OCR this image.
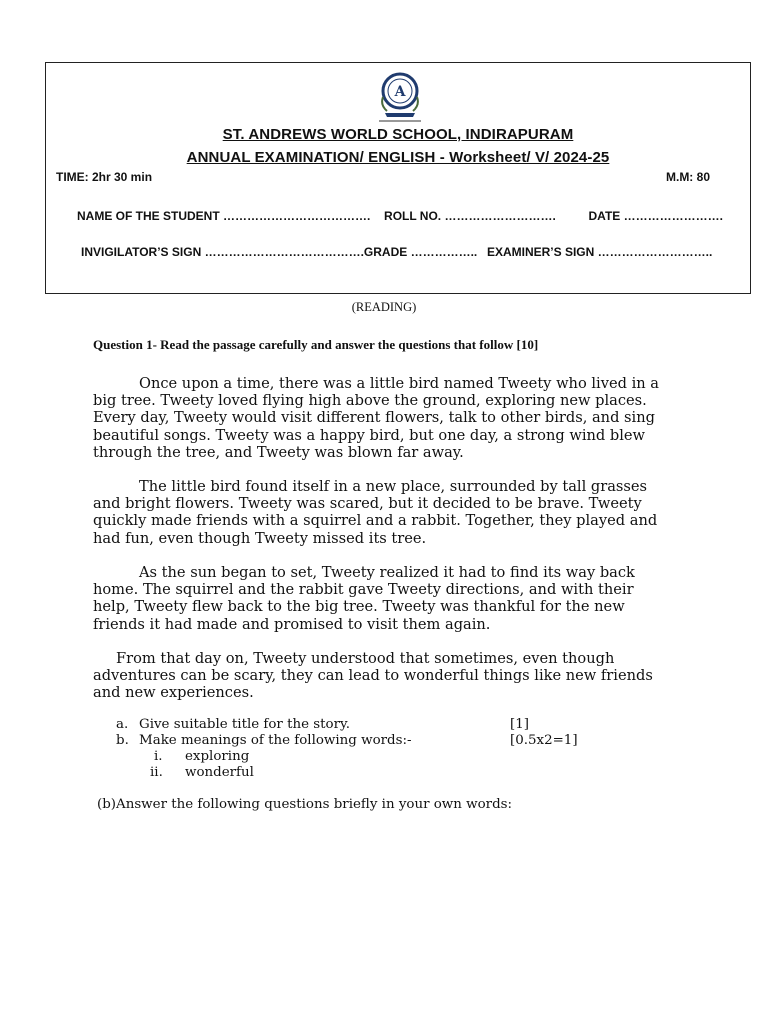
A
ST. ANDREWS WORLD SCHOOL, INDIRAPURAM
ANNUAL EXAMINATION/ ENGLISH - Worksheet/ V/ 2024-25
TIME: 2hr 30 min	M.M: 80
NAME OF THE STUDENT ………………………………. ROLL NO. ……………………….	DATE …………………….
INVIGILATOR’S SIGN ………………………………….GRADE …………….. EXAMINER’S SIGN ………………………..
(READING)
Question 1- Read the passage carefully and answer the questions that follow [10]

Once upon a time, there was a little bird named Tweety who lived in a big tree. Tweety loved flying high above the ground, exploring new places. Every day, Tweety would visit different flowers, talk to other birds, and sing beautiful songs. Tweety was a happy bird, but one day, a strong wind blew through the tree, and Tweety was blown far away.

The little bird found itself in a new place, surrounded by tall grasses and bright flowers. Tweety was scared, but it decided to be brave. Tweety quickly made friends with a squirrel and a rabbit. Together, they played and had fun, even though Tweety missed its tree.

As the sun began to set, Tweety realized it had to find its way back home. The squirrel and the rabbit gave Tweety directions, and with their help, Tweety flew back to the big tree. Tweety was thankful for the new friends it had made and promised to visit them again.

From that day on, Tweety understood that sometimes, even though adventures can be scary, they can lead to wonderful things like new friends and new experiences.

a. Give suitable title for the story.	[1]
b. Make meanings of the following words:-	[0.5x2=1]
i. exploring
ii. wonderful
(b)Answer the following questions briefly in your own words:
